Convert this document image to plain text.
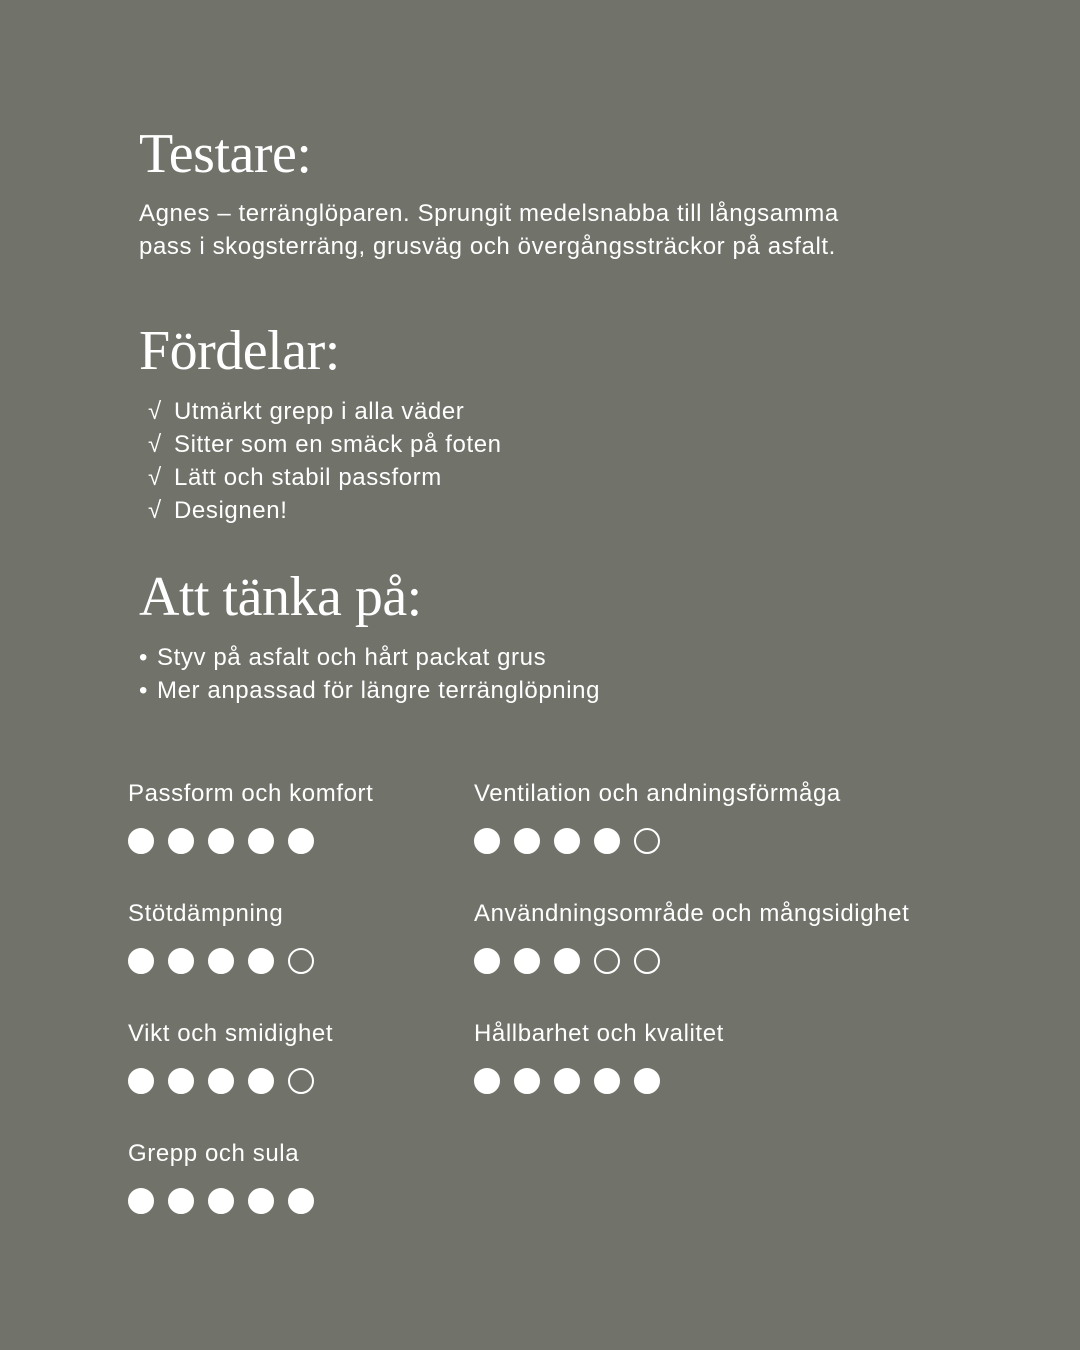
Testare:

Agnes – terränglöparen. Sprungit medelsnabba till långsamma
pass i skogsterräng, grusväg och övergångssträckor på asfalt.

Fördelar:
√ Utmärkt grepp i alla väder
√ Sitter som en smäck på foten
√ Lätt och stabil passform
√ Designen!
Att tänka på:
• Styv på asfalt och hårt packat grus
• Mer anpassad för längre terränglöpning
Passform och komfort	Ventilation och andningsförmåga
Stötdämpning	Användningsområde och mångsidighet
Vikt och smidighet	Hållbarhet och kvalitet
Grepp och sula
